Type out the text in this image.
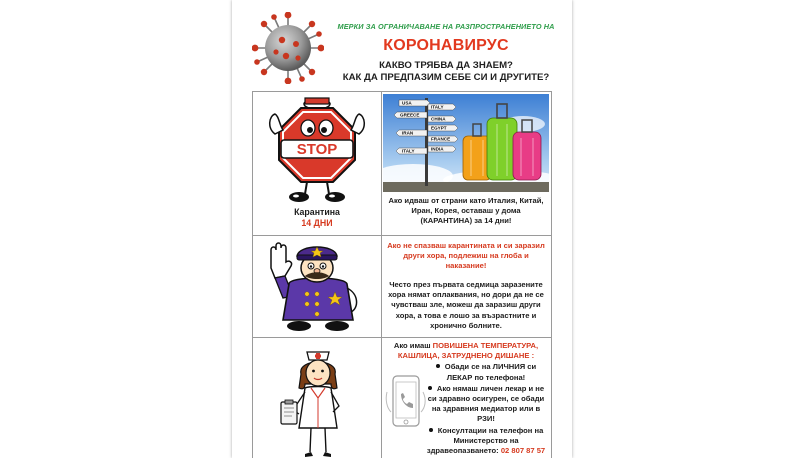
МЕРКИ ЗА ОГРАНИЧАВАНЕ НА РАЗПРОСТРАНЕНИЕТО НА
КОРОНАВИРУС
КАКВО ТРЯБВА ДА ЗНАЕМ?
КАК ДА ПРЕДПАЗИМ СЕБЕ СИ И ДРУГИТЕ?
STOP
Карантина
14 ДНИ
USA
ITALY
GREECE
CHINA
EGYPT
IRAN
FRANCE
INDIA
ITALY
Ако идваш от страни като Италия, Китай, Иран, Корея, оставаш у дома (КАРАНТИНА) за 14 дни!
Ако не спазваш карантината и си заразил други хора, подлежиш на глоба и наказание!
Често през първата седмица заразените хора нямат оплаквания, но дори да не се чувстваш зле, можеш да заразиш други хора, а това е лошо за възрастните и хронично болните.
Ако имаш ПОВИШЕНА ТЕМПЕРАТУРА, КАШЛИЦА, ЗАТРУДНЕНО ДИШАНЕ :
Обади се на ЛИЧНИЯ си ЛЕКАР по телефона!
Ако нямаш личен лекар и не си здравно осигурен, се обади на здравния медиатор или в РЗИ!
Консултации на телефон на Министерство на здравеопазването: 02 807 87 57
